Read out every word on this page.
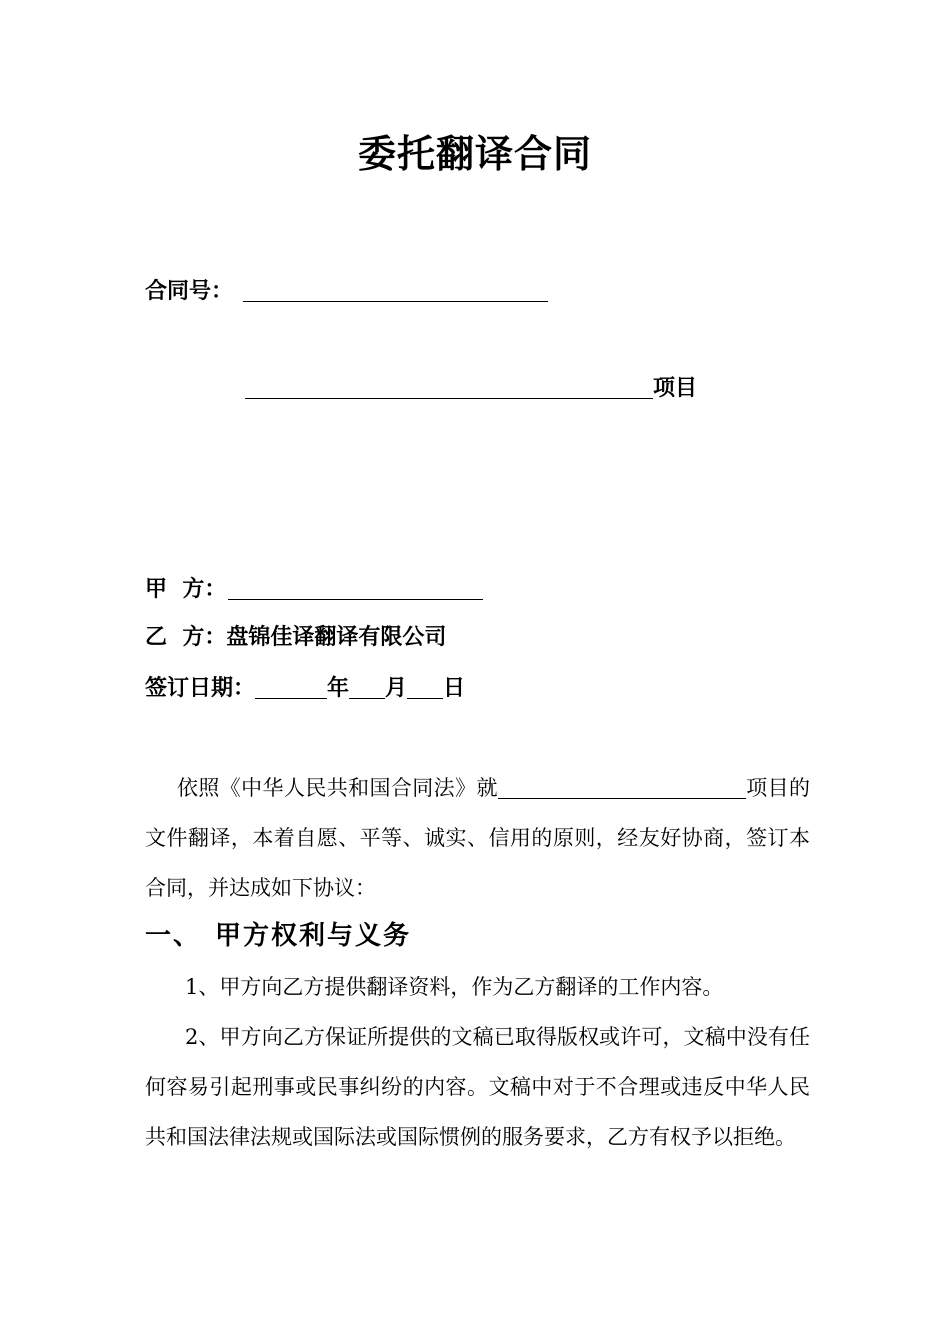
委托翻译合同
合同号：
项目
甲  方：
乙  方：盘锦佳译翻译有限公司
签订日期：	年 月 日
依照《中华人民共和国合同法》就	项目的文件翻译，本着自愿、平等、诚实、信用的原则，经友好协商，签订本合同，并达成如下协议：
一、 甲方权利与义务
1、甲方向乙方提供翻译资料，作为乙方翻译的工作内容。
2、甲方向乙方保证所提供的文稿已取得版权或许可，文稿中没有任何容易引起刑事或民事纠纷的内容。文稿中对于不合理或违反中华人民共和国法律法规或国际法或国际惯例的服务要求，乙方有权予以拒绝。
